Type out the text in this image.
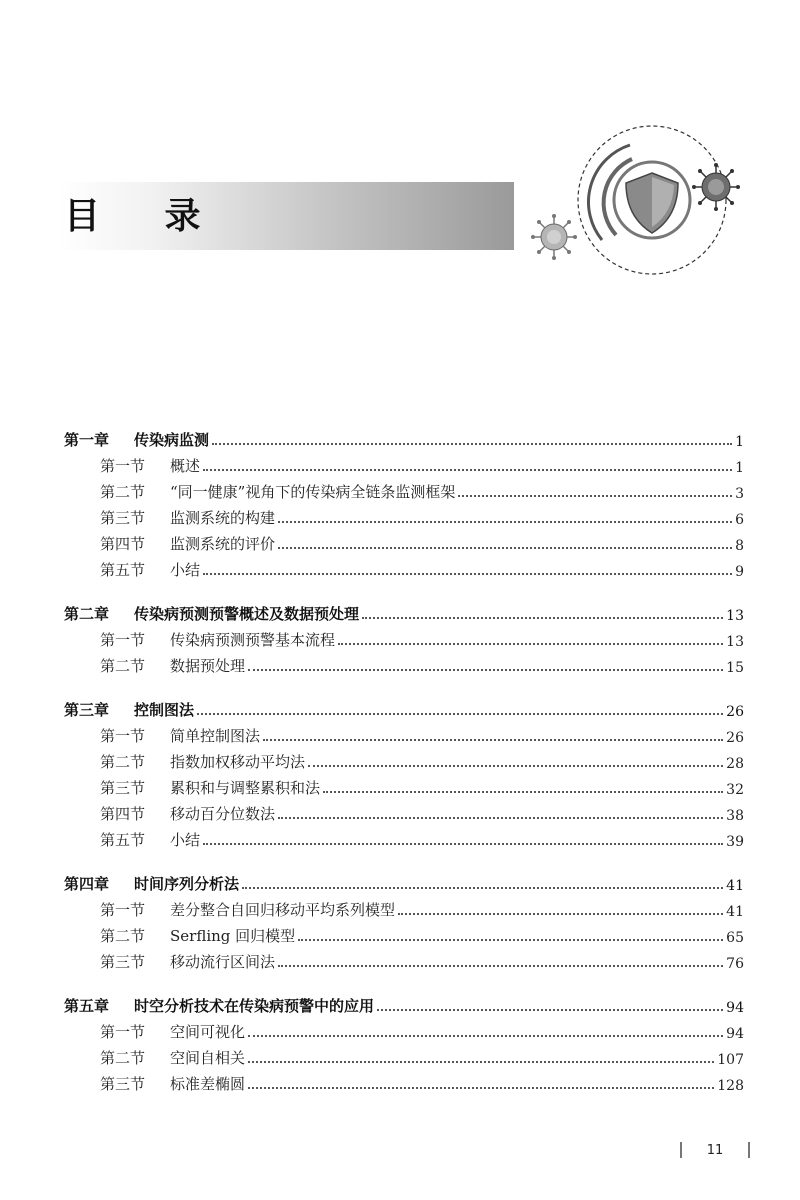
目 录
第一章	传染病监测	1
第一节	概述	1
第二节	“同一健康”视角下的传染病全链条监测框架	3
第三节	监测系统的构建	6
第四节	监测系统的评价	8
第五节	小结	9
第二章	传染病预测预警概述及数据预处理	13
第一节	传染病预测预警基本流程	13
第二节	数据预处理	15
第三章	控制图法	26
第一节	简单控制图法	26
第二节	指数加权移动平均法	28
第三节	累积和与调整累积和法	32
第四节	移动百分位数法	38
第五节	小结	39
第四章	时间序列分析法	41
第一节	差分整合自回归移动平均系列模型	41
第二节	Serfling 回归模型	65
第三节	移动流行区间法	76
第五章	时空分析技术在传染病预警中的应用	94
第一节	空间可视化	94
第二节	空间自相关	107
第三节	标准差椭圆	128
11
